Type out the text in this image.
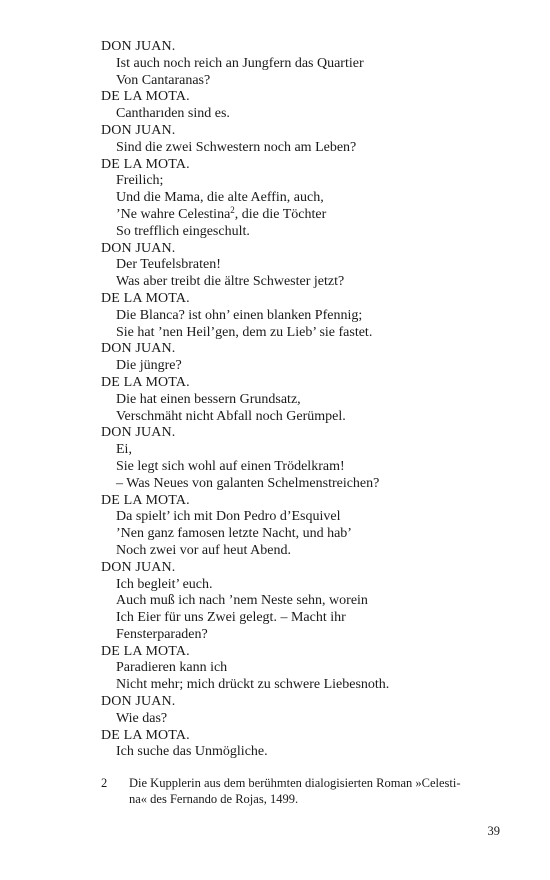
DON JUAN.
Ist auch noch reich an Jungfern das Quartier
Von Cantaranas?
DE LA MOTA.
Cantharıden sind es.
DON JUAN.
Sind die zwei Schwestern noch am Leben?
DE LA MOTA.
Freilich;
Und die Mama, die alte Aeffin, auch,
’Ne wahre Celestina$^2$, die die Töchter
So trefflich eingeschult.
DON JUAN.
Der Teufelsbraten!
Was aber treibt die ältre Schwester jetzt?
DE LA MOTA.
Die Blanca? ist ohn’ einen blanken Pfennig;
Sie hat ’nen Heil’gen, dem zu Lieb’ sie fastet.
DON JUAN.
Die jüngre?
DE LA MOTA.
Die hat einen bessern Grundsatz,
Verschmäht nicht Abfall noch Gerümpel.
DON JUAN.
Ei,
Sie legt sich wohl auf einen Trödelkram!
– Was Neues von galanten Schelmenstreichen?
DE LA MOTA.
Da spielt’ ich mit Don Pedro d’Esquivel
’Nen ganz famosen letzte Nacht, und hab’
Noch zwei vor auf heut Abend.
DON JUAN.
Ich begleit’ euch.
Auch muß ich nach ’nem Neste sehn, worein
Ich Eier für uns Zwei gelegt. – Macht ihr
Fensterparaden?
DE LA MOTA.
Paradieren kann ich
Nicht mehr; mich drückt zu schwere Liebesnoth.
DON JUAN.
Wie das?
DE LA MOTA.
Ich suche das Unmögliche.
2 Die Kupplerin aus dem berühmten dialogisierten Roman »Celesti-
na« des Fernando de Rojas, 1499.
39
